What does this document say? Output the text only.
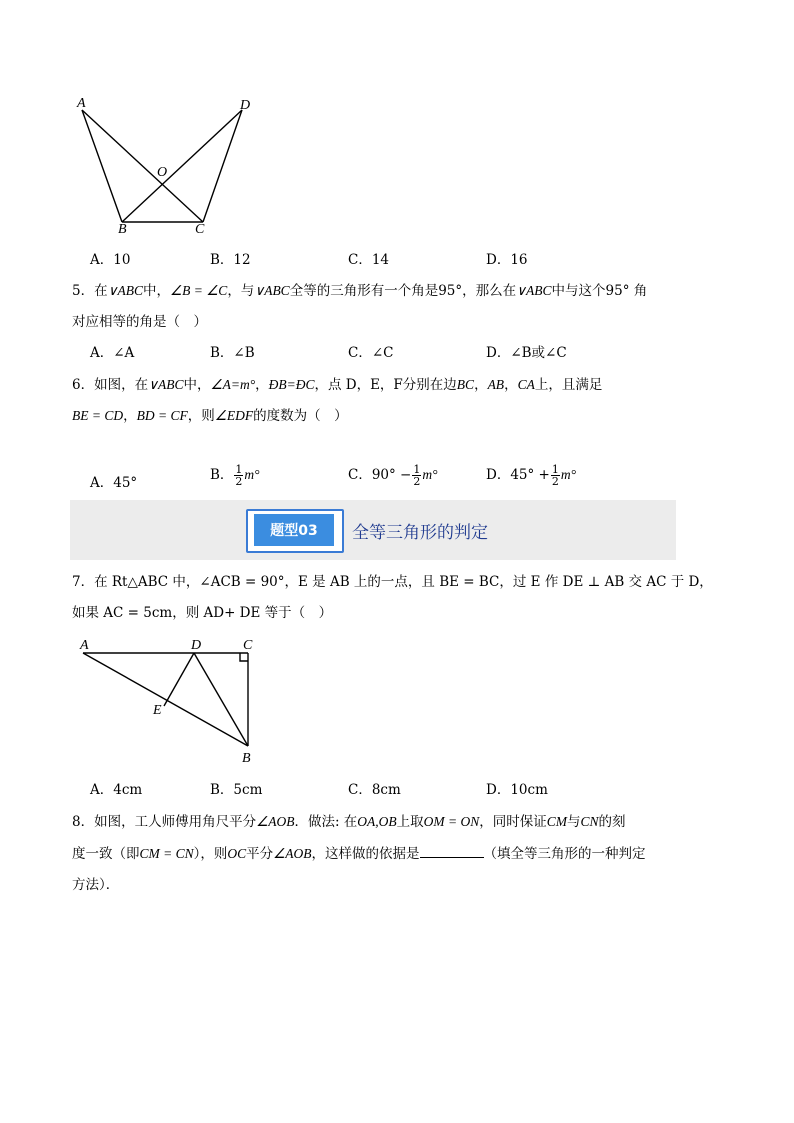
A	D
O
B	C
A．10	B．12	C．14	D．16
5．在∨ABC中，∠B = ∠C，与∨ABC全等的三角形有一个角是95°，那么在∨ABC中与这个95° 角
对应相等的角是（　）
A．∠A	B．∠B	C．∠C	D．∠B或∠C
6．如图，在∨ABC中，∠A=m°，ÐB=ÐC，点 D，E，F分别在边BC，AB，CA上，且满足
BE = CD，BD = CF，则∠EDF的度数为（　）
A．45°	B． $\frac{1}{2} m^\circ$	C．$90^\circ - \frac{1}{2} m^\circ$	D．$45^\circ + \frac{1}{2} m^\circ$
题型03	全等三角形的判定
7．在 Rt△ABC 中，∠ACB = 90°，E 是 AB 上的一点，且 BE = BC，过 E 作 DE ⊥ AB 交 AC 于 D，
如果 AC = 5cm，则 AD+ DE 等于（　）
A	D	C
E
B
A．4cm	B．5cm	C．8cm	D．10cm
8．如图，工人师傅用角尺平分∠AOB．做法: 在OA,OB上取OM = ON，同时保证CM与CN的刻
度一致（即CM = CN），则OC平分∠AOB，这样做的依据是	（填全等三角形的一种判定
方法）．
